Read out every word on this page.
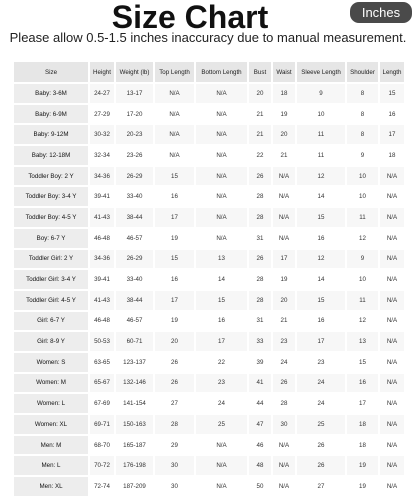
Size Chart	Inches
Please allow 0.5-1.5 inches inaccuracy due to manual measurement.
Size	Height	Weight (lb)	Top Length	Bottom Length	Bust	Waist	Sleeve Length	Shoulder	Length
Baby: 3-6M	24-27	13-17	N/A	N/A	20	18	9	8	15
Baby: 6-9M	27-29	17-20	N/A	N/A	21	19	10	8	16
Baby: 9-12M	30-32	20-23	N/A	N/A	21	20	11	8	17
Baby: 12-18M	32-34	23-26	N/A	N/A	22	21	11	9	18
Toddler Boy: 2 Y	34-36	26-29	15	N/A	26	N/A	12	10	N/A
Toddler Boy: 3-4 Y	39-41	33-40	16	N/A	28	N/A	14	10	N/A
Toddler Boy: 4-5 Y	41-43	38-44	17	N/A	28	N/A	15	11	N/A
Boy: 6-7 Y	46-48	46-57	19	N/A	31	N/A	16	12	N/A
Toddler Girl: 2 Y	34-36	26-29	15	13	26	17	12	9	N/A
Toddler Girl: 3-4 Y	39-41	33-40	16	14	28	19	14	10	N/A
Toddler Girl: 4-5 Y	41-43	38-44	17	15	28	20	15	11	N/A
Girl: 6-7 Y	46-48	46-57	19	16	31	21	16	12	N/A
Girl: 8-9 Y	50-53	60-71	20	17	33	23	17	13	N/A
Women: S	63-65	123-137	26	22	39	24	23	15	N/A
Women: M	65-67	132-146	26	23	41	26	24	16	N/A
Women: L	67-69	141-154	27	24	44	28	24	17	N/A
Women: XL	69-71	150-163	28	25	47	30	25	18	N/A
Men: M	68-70	165-187	29	N/A	46	N/A	26	18	N/A
Men: L	70-72	176-198	30	N/A	48	N/A	26	19	N/A
Men: XL	72-74	187-209	30	N/A	50	N/A	27	19	N/A
